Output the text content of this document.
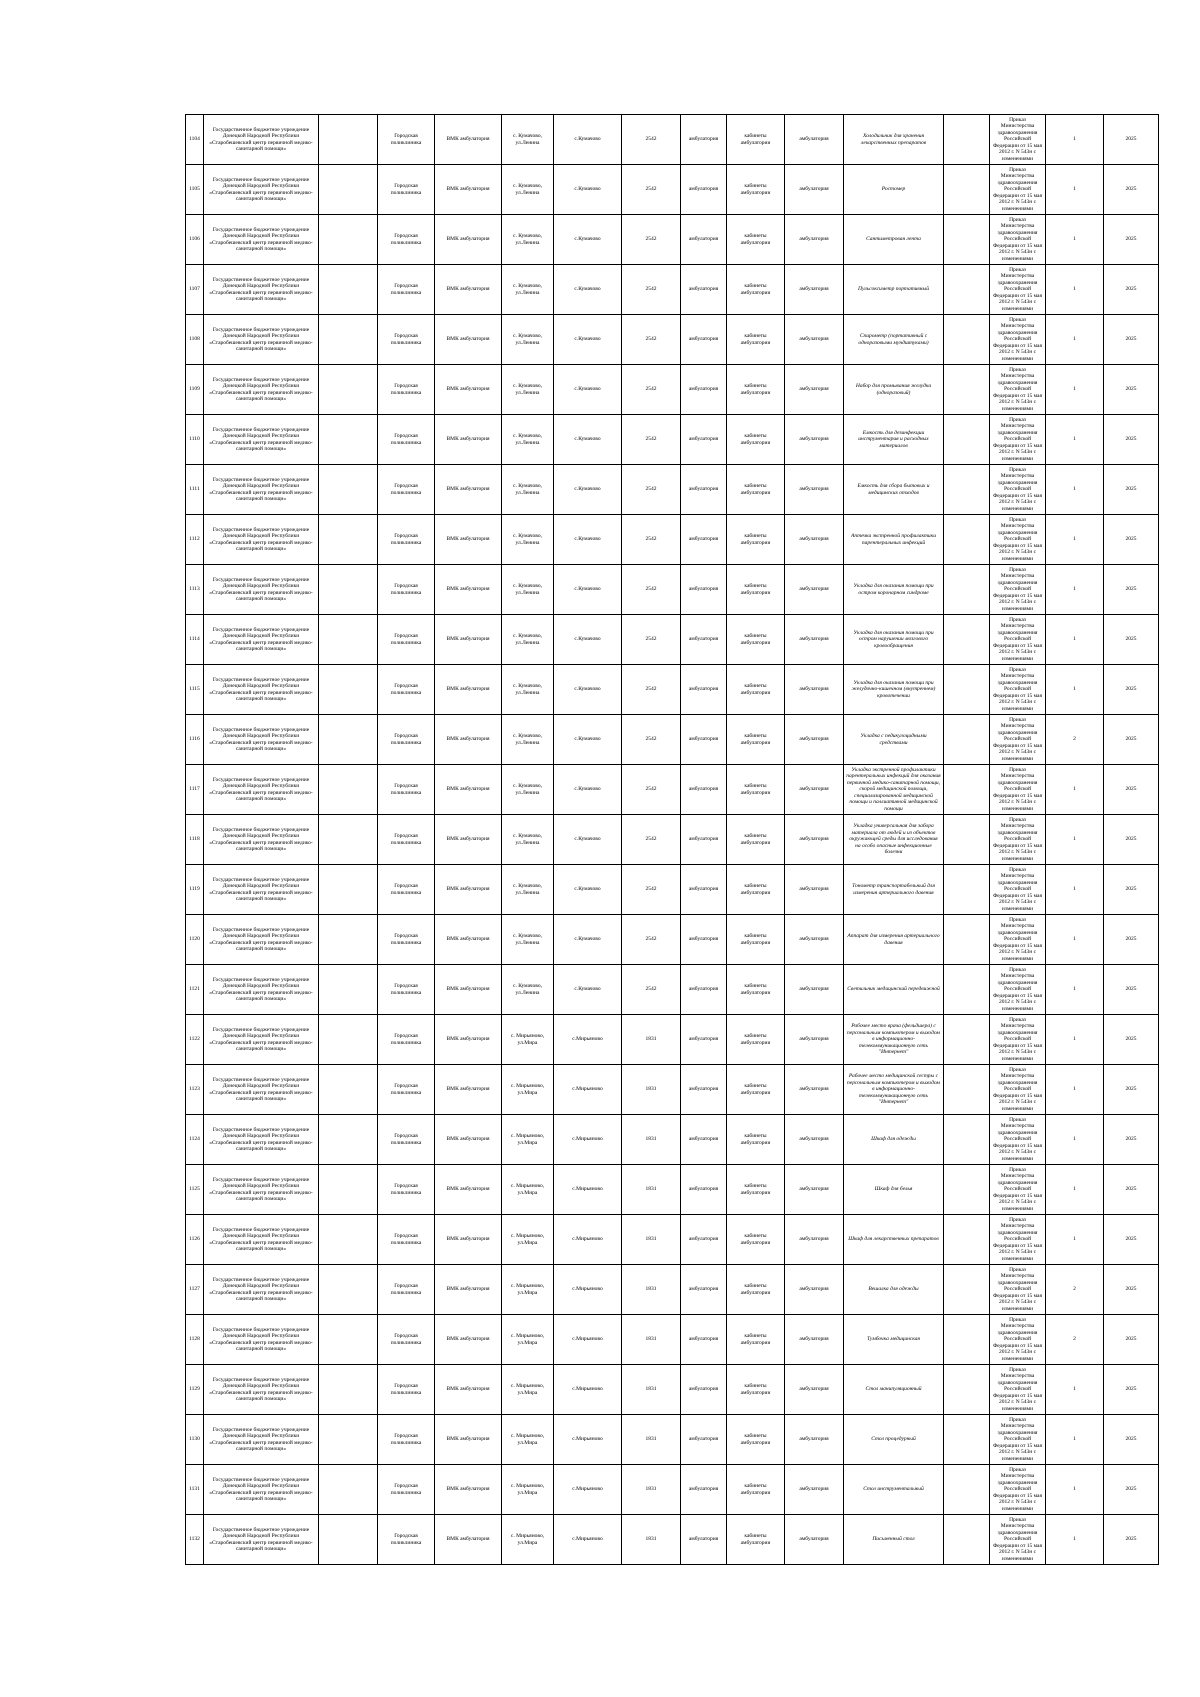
1104	Государственное бюджетное учреждение Донецкой Народной Республики «Старобешевский центр первичной медико-санитарной помощи»		Городская поликлиника	ВМК амбулатория	с. Кумачово, ул.Ленина	с.Кумачово	2542	амбулатория	кабинеты амбулатории	амбулатория	Холодильник для хранения лекарственных препаратов		Приказ Министерства здравоохранения Российской Федерации от 15 мая 2012 г. N 543н с изменениями	1	2025
1105	Государственное бюджетное учреждение Донецкой Народной Республики «Старобешевский центр первичной медико-санитарной помощи»		Городская поликлиника	ВМК амбулатория	с. Кумачово, ул.Ленина	с.Кумачово	2542	амбулатория	кабинеты амбулатории	амбулатория	Ростомер		Приказ Министерства здравоохранения Российской Федерации от 15 мая 2012 г. N 543н с изменениями	1	2025
1106	Государственное бюджетное учреждение Донецкой Народной Республики «Старобешевский центр первичной медико-санитарной помощи»		Городская поликлиника	ВМК амбулатория	с. Кумачово, ул.Ленина	с.Кумачово	2542	амбулатория	кабинеты амбулатории	амбулатория	Сантиметровая лента		Приказ Министерства здравоохранения Российской Федерации от 15 мая 2012 г. N 543н с изменениями	1	2025
1107	Государственное бюджетное учреждение Донецкой Народной Республики «Старобешевский центр первичной медико-санитарной помощи»		Городская поликлиника	ВМК амбулатория	с. Кумачово, ул.Ленина	с.Кумачово	2542	амбулатория	кабинеты амбулатории	амбулатория	Пульсоксиметр портативный		Приказ Министерства здравоохранения Российской Федерации от 15 мая 2012 г. N 543н с изменениями	1	2025
1108	Государственное бюджетное учреждение Донецкой Народной Республики «Старобешевский центр первичной медико-санитарной помощи»		Городская поликлиника	ВМК амбулатория	с. Кумачово, ул.Ленина	с.Кумачово	2542	амбулатория	кабинеты амбулатории	амбулатория	Спирометр (портативный с одноразовыми мундштуками)		Приказ Министерства здравоохранения Российской Федерации от 15 мая 2012 г. N 543н с изменениями	1	2025
1109	Государственное бюджетное учреждение Донецкой Народной Республики «Старобешевский центр первичной медико-санитарной помощи»		Городская поликлиника	ВМК амбулатория	с. Кумачово, ул.Ленина	с.Кумачово	2542	амбулатория	кабинеты амбулатории	амбулатория	Набор для промывания желудка (одноразовый)		Приказ Министерства здравоохранения Российской Федерации от 15 мая 2012 г. N 543н с изменениями	1	2025
1110	Государственное бюджетное учреждение Донецкой Народной Республики «Старобешевский центр первичной медико-санитарной помощи»		Городская поликлиника	ВМК амбулатория	с. Кумачово, ул.Ленина	с.Кумачово	2542	амбулатория	кабинеты амбулатории	амбулатория	Емкость для дезинфекции инструментария и расходных материалов		Приказ Министерства здравоохранения Российской Федерации от 15 мая 2012 г. N 543н с изменениями	1	2025
1111	Государственное бюджетное учреждение Донецкой Народной Республики «Старобешевский центр первичной медико-санитарной помощи»		Городская поликлиника	ВМК амбулатория	с. Кумачово, ул.Ленина	с.Кумачово	2542	амбулатория	кабинеты амбулатории	амбулатория	Емкость для сбора бытовых и медицинских отходов		Приказ Министерства здравоохранения Российской Федерации от 15 мая 2012 г. N 543н с изменениями	1	2025
1112	Государственное бюджетное учреждение Донецкой Народной Республики «Старобешевский центр первичной медико-санитарной помощи»		Городская поликлиника	ВМК амбулатория	с. Кумачово, ул.Ленина	с.Кумачово	2542	амбулатория	кабинеты амбулатории	амбулатория	Аптечка экстренной профилактики парентеральных инфекций		Приказ Министерства здравоохранения Российской Федерации от 15 мая 2012 г. N 543н с изменениями	1	2025
1113	Государственное бюджетное учреждение Донецкой Народной Республики «Старобешевский центр первичной медико-санитарной помощи»		Городская поликлиника	ВМК амбулатория	с. Кумачово, ул.Ленина	с.Кумачово	2542	амбулатория	кабинеты амбулатории	амбулатория	Укладка для оказания помощи при остром коронарном синдроме		Приказ Министерства здравоохранения Российской Федерации от 15 мая 2012 г. N 543н с изменениями	1	2025
1114	Государственное бюджетное учреждение Донецкой Народной Республики «Старобешевский центр первичной медико-санитарной помощи»		Городская поликлиника	ВМК амбулатория	с. Кумачово, ул.Ленина	с.Кумачово	2542	амбулатория	кабинеты амбулатории	амбулатория	Укладка для оказания помощи при остром нарушении мозгового кровообращения		Приказ Министерства здравоохранения Российской Федерации от 15 мая 2012 г. N 543н с изменениями	1	2025
1115	Государственное бюджетное учреждение Донецкой Народной Республики «Старобешевский центр первичной медико-санитарной помощи»		Городская поликлиника	ВМК амбулатория	с. Кумачово, ул.Ленина	с.Кумачово	2542	амбулатория	кабинеты амбулатории	амбулатория	Укладка для оказания помощи при желудочно-кишечном (внутреннем) кровотечении		Приказ Министерства здравоохранения Российской Федерации от 15 мая 2012 г. N 543н с изменениями	1	2025
1116	Государственное бюджетное учреждение Донецкой Народной Республики «Старобешевский центр первичной медико-санитарной помощи»		Городская поликлиника	ВМК амбулатория	с. Кумачово, ул.Ленина	с.Кумачово	2542	амбулатория	кабинеты амбулатории	амбулатория	Укладка с педикулоцидными средствами		Приказ Министерства здравоохранения Российской Федерации от 15 мая 2012 г. N 543н с изменениями	2	2025
1117	Государственное бюджетное учреждение Донецкой Народной Республики «Старобешевский центр первичной медико-санитарной помощи»		Городская поликлиника	ВМК амбулатория	с. Кумачово, ул.Ленина	с.Кумачово	2542	амбулатория	кабинеты амбулатории	амбулатория	Укладка экстренной профилактики парентеральных инфекций для оказания первичной медико-санитарной помощи, скорой медицинской помощи, специализированной медицинской помощи и паллиативной медицинской помощи		Приказ Министерства здравоохранения Российской Федерации от 15 мая 2012 г. N 543н с изменениями	1	2025
1118	Государственное бюджетное учреждение Донецкой Народной Республики «Старобешевский центр первичной медико-санитарной помощи»		Городская поликлиника	ВМК амбулатория	с. Кумачово, ул.Ленина	с.Кумачово	2542	амбулатория	кабинеты амбулатории	амбулатория	Укладка универсальная для забора материала от людей и из объектов окружающей среды для исследования на особо опасные инфекционные болезни		Приказ Министерства здравоохранения Российской Федерации от 15 мая 2012 г. N 543н с изменениями	1	2025
1119	Государственное бюджетное учреждение Донецкой Народной Республики «Старобешевский центр первичной медико-санитарной помощи»		Городская поликлиника	ВМК амбулатория	с. Кумачово, ул.Ленина	с.Кумачово	2542	амбулатория	кабинеты амбулатории	амбулатория	Тонометр транспортабельный для измерения артериального давения		Приказ Министерства здравоохранения Российской Федерации от 15 мая 2012 г. N 543н с изменениями	1	2025
1120	Государственное бюджетное учреждение Донецкой Народной Республики «Старобешевский центр первичной медико-санитарной помощи»		Городская поликлиника	ВМК амбулатория	с. Кумачово, ул.Ленина	с.Кумачово	2542	амбулатория	кабинеты амбулатории	амбулатория	Аппарат для измерения артериального давения		Приказ Министерства здравоохранения Российской Федерации от 15 мая 2012 г. N 543н с изменениями	1	2025
1121	Государственное бюджетное учреждение Донецкой Народной Республики «Старобешевский центр первичной медико-санитарной помощи»		Городская поликлиника	ВМК амбулатория	с. Кумачово, ул.Ленина	с.Кумачово	2542	амбулатория	кабинеты амбулатории	амбулатория	Светильник медицинский передвижной		Приказ Министерства здравоохранения Российской Федерации от 15 мая 2012 г. N 543н с изменениями	1	2025
1122	Государственное бюджетное учреждение Донецкой Народной Республики «Старобешевский центр первичной медико-санитарной помощи»		Городская поликлиника	ВМК амбулатория	с. Мирьяново, ул.Мира	с.Мирьяново	1831	амбулатория	кабинеты амбулатории	амбулатория	Рабочее место врача (фельдшера) с персональным компьютером и выходом в информационно-телекоммуникационную сеть "Интернет"		Приказ Министерства здравоохранения Российской Федерации от 15 мая 2012 г. N 543н с изменениями	1	2025
1123	Государственное бюджетное учреждение Донецкой Народной Республики «Старобешевский центр первичной медико-санитарной помощи»		Городская поликлиника	ВМК амбулатория	с. Мирьяново, ул.Мира	с.Мирьяново	1831	амбулатория	кабинеты амбулатории	амбулатория	Рабочее место медицинской сестры с персональным компьютером и выходом в информационно-телекоммуникационную сеть "Интернет"		Приказ Министерства здравоохранения Российской Федерации от 15 мая 2012 г. N 543н с изменениями	1	2025
1124	Государственное бюджетное учреждение Донецкой Народной Республики «Старобешевский центр первичной медико-санитарной помощи»		Городская поликлиника	ВМК амбулатория	с. Мирьяново, ул.Мира	с.Мирьяново	1831	амбулатория	кабинеты амбулатории	амбулатория	Шкаф для одежды		Приказ Министерства здравоохранения Российской Федерации от 15 мая 2012 г. N 543н с изменениями	1	2025
1125	Государственное бюджетное учреждение Донецкой Народной Республики «Старобешевский центр первичной медико-санитарной помощи»		Городская поликлиника	ВМК амбулатория	с. Мирьяново, ул.Мира	с.Мирьяново	1831	амбулатория	кабинеты амбулатории	амбулатория	Шкаф для белья		Приказ Министерства здравоохранения Российской Федерации от 15 мая 2012 г. N 543н с изменениями	1	2025
1126	Государственное бюджетное учреждение Донецкой Народной Республики «Старобешевский центр первичной медико-санитарной помощи»		Городская поликлиника	ВМК амбулатория	с. Мирьяново, ул.Мира	с.Мирьяново	1831	амбулатория	кабинеты амбулатории	амбулатория	Шкаф для лекарственных препаратов		Приказ Министерства здравоохранения Российской Федерации от 15 мая 2012 г. N 543н с изменениями	1	2025
1127	Государственное бюджетное учреждение Донецкой Народной Республики «Старобешевский центр первичной медико-санитарной помощи»		Городская поликлиника	ВМК амбулатория	с. Мирьяново, ул.Мира	с.Мирьяново	1831	амбулатория	кабинеты амбулатории	амбулатория	Вешалка для одежды		Приказ Министерства здравоохранения Российской Федерации от 15 мая 2012 г. N 543н с изменениями	2	2025
1128	Государственное бюджетное учреждение Донецкой Народной Республики «Старобешевский центр первичной медико-санитарной помощи»		Городская поликлиника	ВМК амбулатория	с. Мирьяново, ул.Мира	с.Мирьяново	1831	амбулатория	кабинеты амбулатории	амбулатория	Тумбочка медицинская		Приказ Министерства здравоохранения Российской Федерации от 15 мая 2012 г. N 543н с изменениями	2	2025
1129	Государственное бюджетное учреждение Донецкой Народной Республики «Старобешевский центр первичной медико-санитарной помощи»		Городская поликлиника	ВМК амбулатория	с. Мирьяново, ул.Мира	с.Мирьяново	1831	амбулатория	кабинеты амбулатории	амбулатория	Стол манипуляционный		Приказ Министерства здравоохранения Российской Федерации от 15 мая 2012 г. N 543н с изменениями	1	2025
1130	Государственное бюджетное учреждение Донецкой Народной Республики «Старобешевский центр первичной медико-санитарной помощи»		Городская поликлиника	ВМК амбулатория	с. Мирьяново, ул.Мира	с.Мирьяново	1831	амбулатория	кабинеты амбулатории	амбулатория	Стол процедурный		Приказ Министерства здравоохранения Российской Федерации от 15 мая 2012 г. N 543н с изменениями	1	2025
1131	Государственное бюджетное учреждение Донецкой Народной Республики «Старобешевский центр первичной медико-санитарной помощи»		Городская поликлиника	ВМК амбулатория	с. Мирьяново, ул.Мира	с.Мирьяново	1831	амбулатория	кабинеты амбулатории	амбулатория	Стол инструментальный		Приказ Министерства здравоохранения Российской Федерации от 15 мая 2012 г. N 543н с изменениями	1	2025
1132	Государственное бюджетное учреждение Донецкой Народной Республики «Старобешевский центр первичной медико-санитарной помощи»		Городская поликлиника	ВМК амбулатория	с. Мирьяново, ул.Мира	с.Мирьяново	1831	амбулатория	кабинеты амбулатории	амбулатория	Письменный стол		Приказ Министерства здравоохранения Российской Федерации от 15 мая 2012 г. N 543н с изменениями	1	2025
